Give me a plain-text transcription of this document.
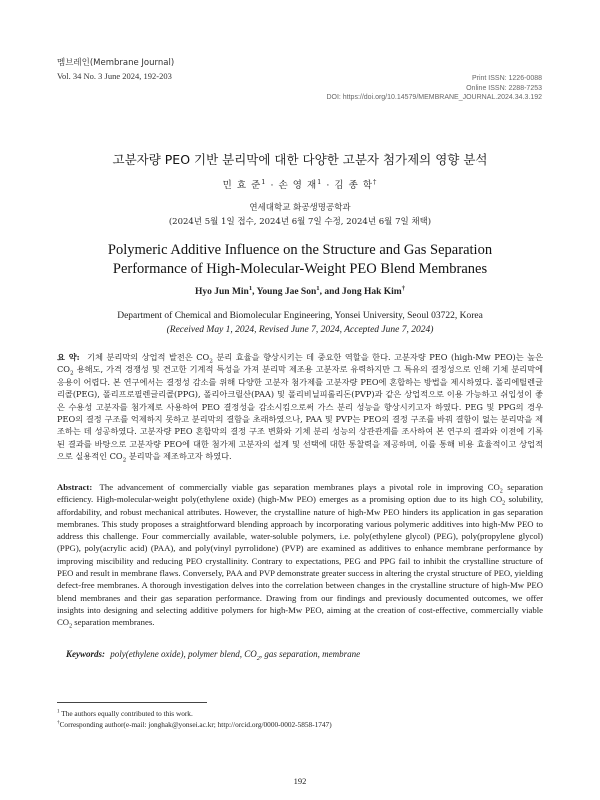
멤브레인(Membrane Journal)
Vol. 34 No. 3 June 2024, 192-203	Print ISSN: 1226-0088
Online ISSN: 2288-7253
DOI: https://doi.org/10.14579/MEMBRANE_JOURNAL.2024.34.3.192
고분자량 PEO 기반 분리막에 대한 다양한 고분자 첨가제의 영향 분석
민 효 준$^1$ · 손 영 재$^1$ · 김 종 학†
연세대학교 화공생명공학과
(2024년 5월 1일 접수, 2024년 6월 7일 수정, 2024년 6월 7일 채택)
Polymeric Additive Influence on the Structure and Gas Separation Performance of High-Molecular-Weight PEO Blend Membranes
Hyo Jun Min$^1$, Young Jae Son$^1$, and Jong Hak Kim†
Department of Chemical and Biomolecular Engineering, Yonsei University, Seoul 03722, Korea
(Received May 1, 2024, Revised June 7, 2024, Accepted June 7, 2024)
요 약: 기체 분리막의 상업적 발전은 $CO_2$ 분리 효율을 향상시키는 데 중요한 역할을 한다. 고분자량 PEO (high-Mw PEO)는 높은 $CO_2$ 용해도, 가격 경쟁성 및 견고한 기계적 특성을 가져 분리막 제조용 고분자로 유력하지만 그 특유의 결정성으로 인해 기체 분리막에 응용이 어렵다. 본 연구에서는 결정성 감소를 위해 다양한 고분자 첨가제를 고분자량 PEO에 혼합하는 방법을 제시하였다. 폴리에틸렌글리콜(PEG), 폴리프로필렌글리콜(PPG), 폴리아크릴산(PAA) 및 폴리비닐피롤리돈(PVP)과 같은 상업적으로 이용 가능하고 쉬입성이 좋은 수용성 고분자를 첨가제로 사용하여 PEO 결정성을 감소시킴으로써 가스 분리 성능을 향상시키고자 하였다. PEG 및 PPG의 경우 PEO의 결정 구조를 억제하지 못하고 분리막의 결함을 초래하였으나, PAA 및 PVP는 PEO의 결정 구조를 바꿔 결함이 없는 분리막을 제조하는 데 성공하였다. 고분자량 PEO 혼합막의 결정 구조 변화와 기체 분리 성능의 상관관계를 조사하여 본 연구의 결과와 이전에 기록된 결과를 바탕으로 고분자량 PEO에 대한 첨가제 고분자의 설계 및 선택에 대한 통찰력을 제공하며, 이를 통해 비용 효율적이고 상업적으로 실용적인 $CO_2$ 분리막을 제조하고자 하였다.
Abstract: The advancement of commercially viable gas separation membranes plays a pivotal role in improving $CO_2$ separation efficiency. High-molecular-weight poly(ethylene oxide) (high-Mw PEO) emerges as a promising option due to its high $CO_2$ solubility, affordability, and robust mechanical attributes. However, the crystalline nature of high-Mw PEO hinders its application in gas separation membranes. This study proposes a straightforward blending approach by incorporating various polymeric additives into high-Mw PEO to address this challenge. Four commercially available, water-soluble polymers, i.e. poly(ethylene glycol) (PEG), poly(propylene glycol) (PPG), poly(acrylic acid) (PAA), and poly(vinyl pyrrolidone) (PVP) are examined as additives to enhance membrane performance by improving miscibility and reducing PEO crystallinity. Contrary to expectations, PEG and PPG fail to inhibit the crystalline structure of PEO and result in membrane flaws. Conversely, PAA and PVP demonstrate greater success in altering the crystal structure of PEO, yielding defect-free membranes. A thorough investigation delves into the correlation between changes in the crystalline structure of high-Mw PEO blend membranes and their gas separation performance. Drawing from our findings and previously documented outcomes, we offer insights into designing and selecting additive polymers for high-Mw PEO, aiming at the creation of cost-effective, commercially viable $CO_2$ separation membranes.
Keywords: poly(ethylene oxide), polymer blend, $CO_2$, gas separation, membrane
$^1$ The authors equally contributed to this work.
†Corresponding author(e-mail: jonghak@yonsei.ac.kr; http://orcid.org/0000-0002-5858-1747)
192
